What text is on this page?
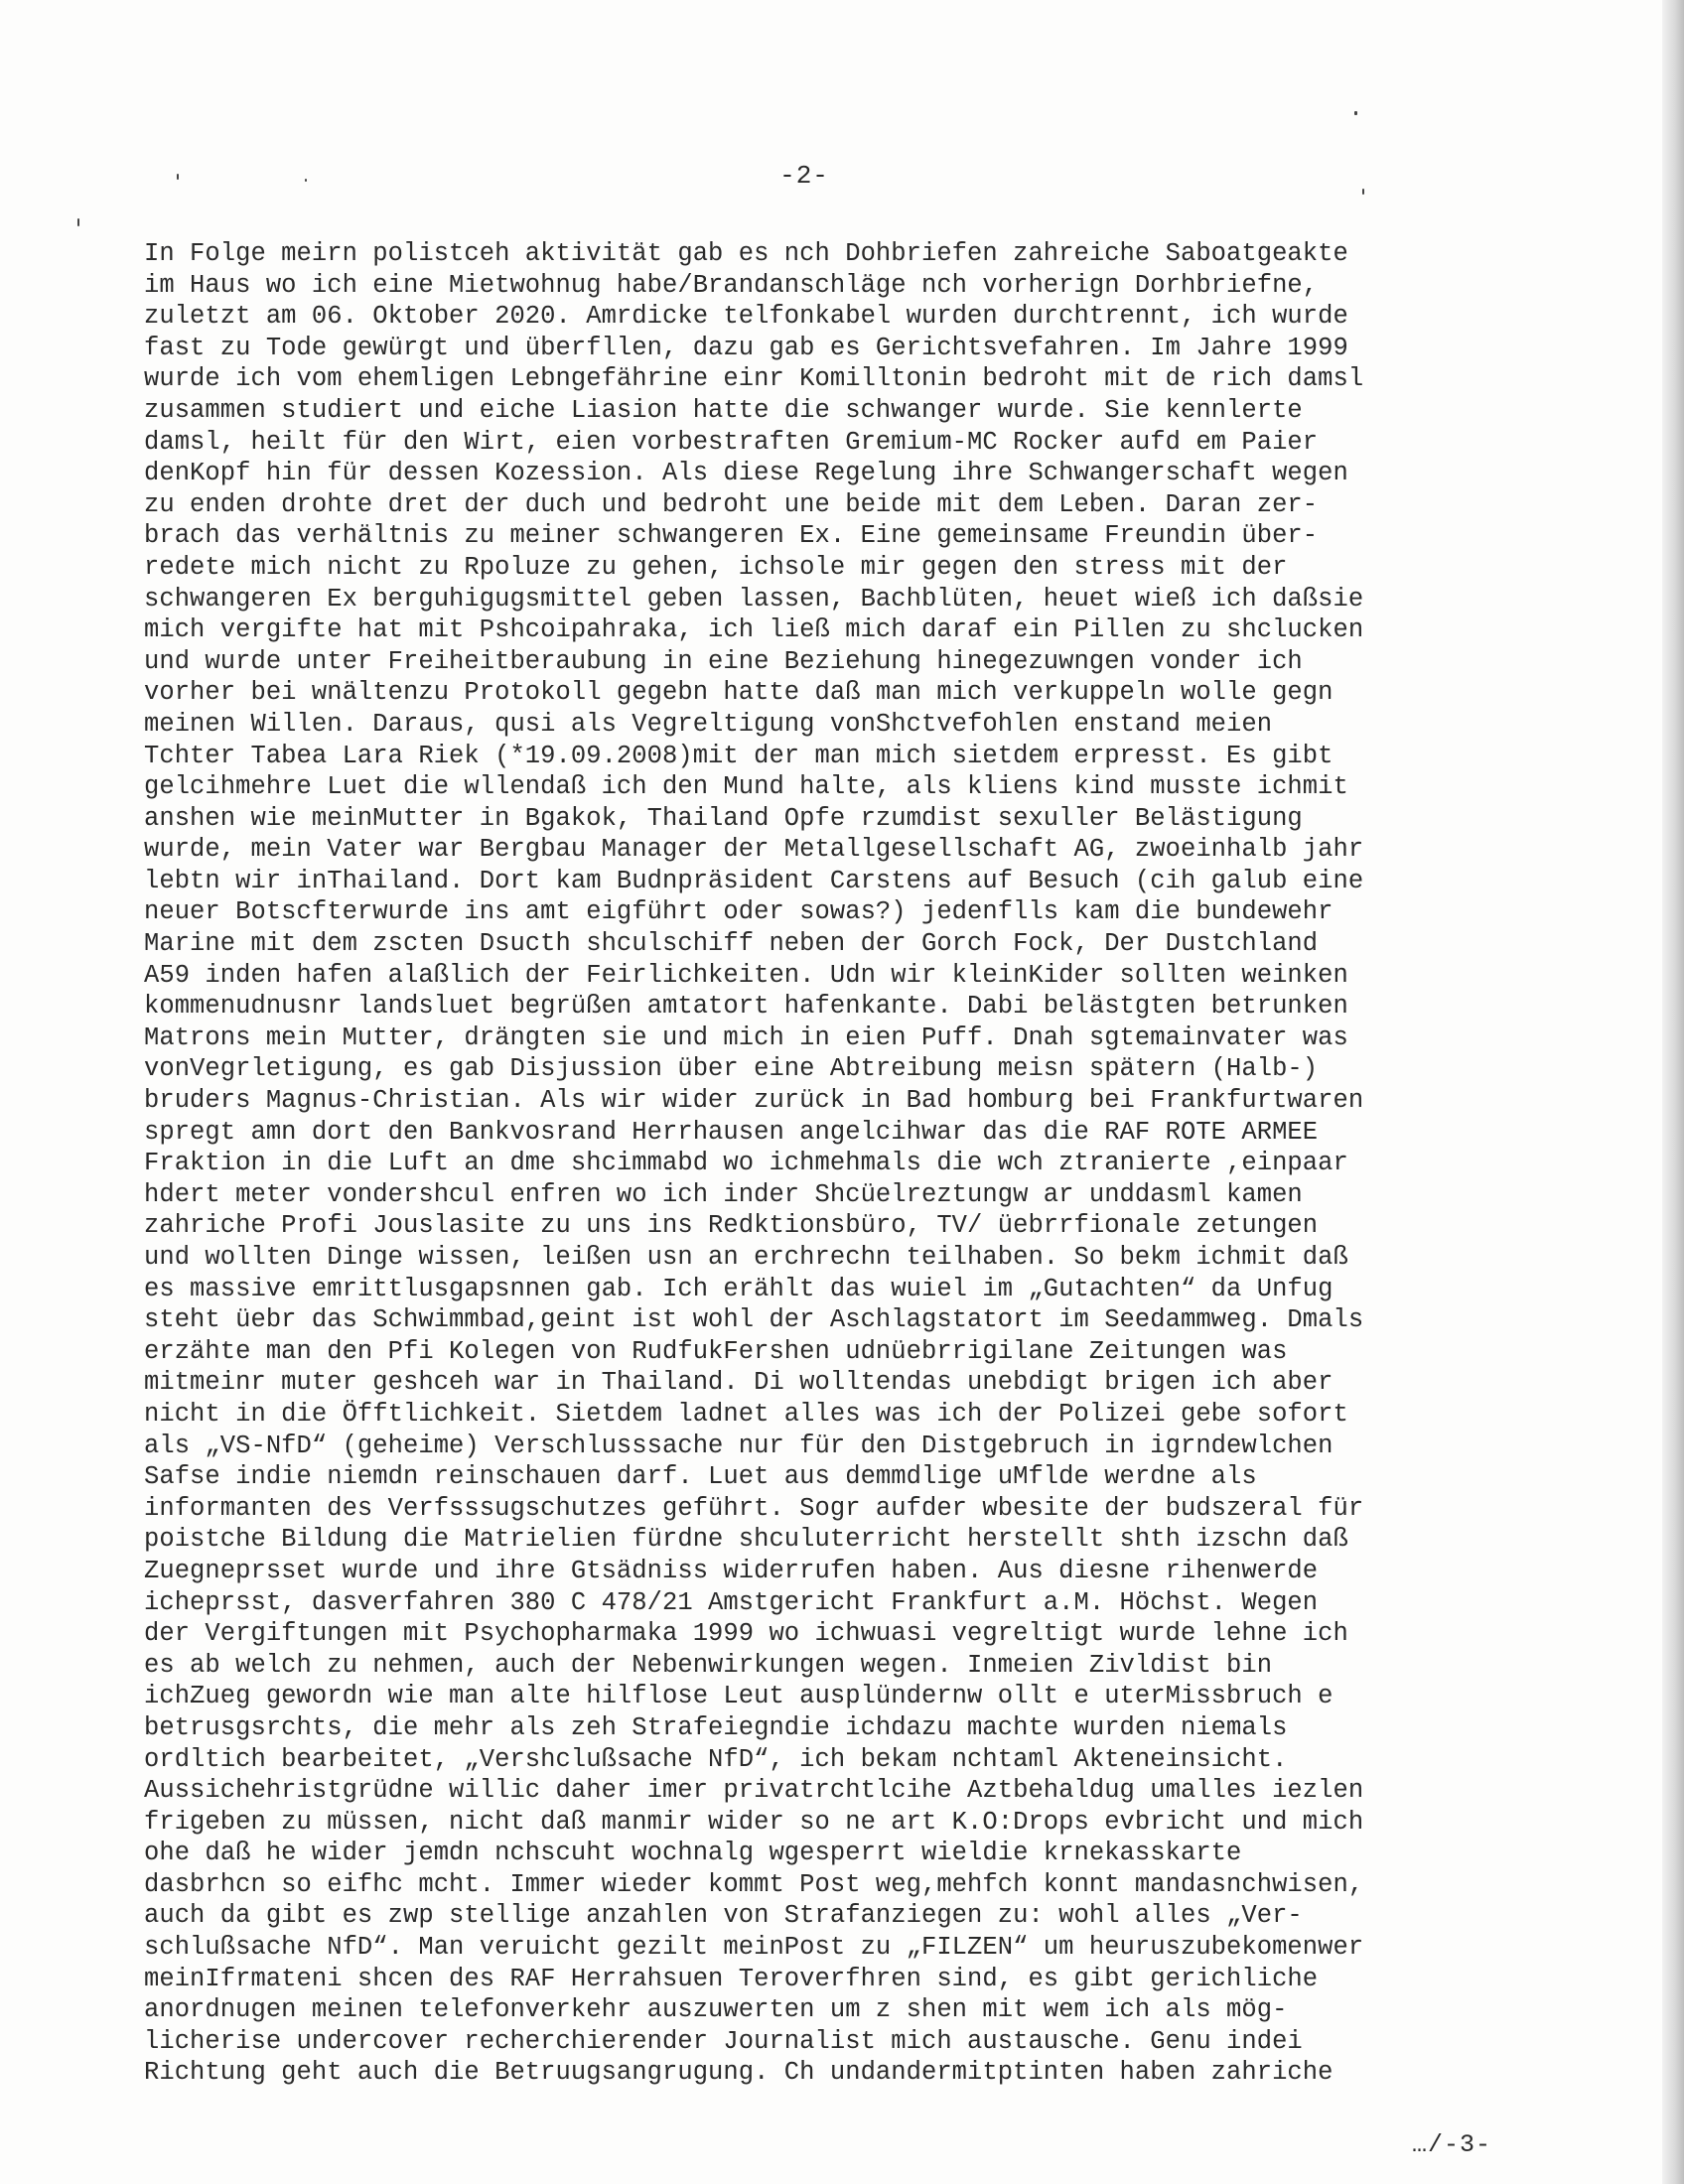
-2-
In Folge meirn polistceh aktivität gab es nch Dohbriefen zahreiche Saboatgeakte
im Haus wo ich eine Mietwohnug habe/Brandanschläge nch vorherign Dorhbriefne,
zuletzt am 06. Oktober 2020. Amrdicke telfonkabel wurden durchtrennt, ich wurde
fast zu Tode gewürgt und überfllen, dazu gab es Gerichtsvefahren. Im Jahre 1999
wurde ich vom ehemligen Lebngefährine einr Komilltonin bedroht mit de rich damsl
zusammen studiert und eiche Liasion hatte die schwanger wurde. Sie kennlerte
damsl, heilt für den Wirt, eien vorbestraften Gremium-MC Rocker aufd em Paier
denKopf hin für dessen Kozession. Als diese Regelung ihre Schwangerschaft wegen
zu enden drohte dret der duch und bedroht une beide mit dem Leben. Daran zer-
brach das verhältnis zu meiner schwangeren Ex. Eine gemeinsame Freundin über-
redete mich nicht zu Rpoluze zu gehen, ichsole mir gegen den stress mit der
schwangeren Ex berguhigugsmittel geben lassen, Bachblüten, heuet wieß ich daßsie
mich vergifte hat mit Pshcoipahraka, ich ließ mich daraf ein Pillen zu shclucken
und wurde unter Freiheitberaubung in eine Beziehung hinegezuwngen vonder ich
vorher bei wnältenzu Protokoll gegebn hatte daß man mich verkuppeln wolle gegn
meinen Willen. Daraus, qusi als Vegreltigung vonShctvefohlen enstand meien
Tchter Tabea Lara Riek (*19.09.2008)mit der man mich sietdem erpresst. Es gibt
gelcihmehre Luet die wllendaß ich den Mund halte, als kliens kind musste ichmit
anshen wie meinMutter in Bgakok, Thailand Opfe rzumdist sexuller Belästigung
wurde, mein Vater war Bergbau Manager der Metallgesellschaft AG, zwoeinhalb jahr
lebtn wir inThailand. Dort kam Budnpräsident Carstens auf Besuch (cih galub eine
neuer Botscfterwurde ins amt eigführt oder sowas?) jedenflls kam die bundewehr
Marine mit dem zscten Dsucth shculschiff neben der Gorch Fock, Der Dustchland
A59 inden hafen alaßlich der Feirlichkeiten. Udn wir kleinKider sollten weinken
kommenudnusnr landsluet begrüßen amtatort hafenkante. Dabi belästgten betrunken
Matrons mein Mutter, drängten sie und mich in eien Puff. Dnah sgtemainvater was
vonVegrletigung, es gab Disjussion über eine Abtreibung meisn spätern (Halb-)
bruders Magnus-Christian. Als wir wider zurück in Bad homburg bei Frankfurtwaren
spregt amn dort den Bankvosrand Herrhausen angelcihwar das die RAF ROTE ARMEE
Fraktion in die Luft an dme shcimmabd wo ichmehmals die wch ztranierte ,einpaar
hdert meter vondershcul enfren wo ich inder Shcüelreztungw ar unddasml kamen
zahriche Profi Jouslasite zu uns ins Redktionsbüro, TV/ üebrrfionale zetungen
und wollten Dinge wissen, leißen usn an erchrechn teilhaben. So bekm ichmit daß
es massive emrittlusgapsnnen gab. Ich erählt das wuiel im „Gutachten“ da Unfug
steht üebr das Schwimmbad,geint ist wohl der Aschlagstatort im Seedammweg. Dmals
erzähte man den Pfi Kolegen von RudfukFershen udnüebrrigilane Zeitungen was
mitmeinr muter geshceh war in Thailand. Di wolltendas unebdigt brigen ich aber
nicht in die Öfftlichkeit. Sietdem ladnet alles was ich der Polizei gebe sofort
als „VS-NfD“ (geheime) Verschlusssache nur für den Distgebruch in igrndewlchen
Safse indie niemdn reinschauen darf. Luet aus demmdlige uMflde werdne als
informanten des Verfsssugschutzes geführt. Sogr aufder wbesite der budszeral für
poistche Bildung die Matrielien fürdne shculuterricht herstellt shth izschn daß
Zuegneprsset wurde und ihre Gtsädniss widerrufen haben. Aus diesne rihenwerde
icheprsst, dasverfahren 380 C 478/21 Amstgericht Frankfurt a.M. Höchst. Wegen
der Vergiftungen mit Psychopharmaka 1999 wo ichwuasi vegreltigt wurde lehne ich
es ab welch zu nehmen, auch der Nebenwirkungen wegen. Inmeien Zivldist bin
ichZueg gewordn wie man alte hilflose Leut ausplündernw ollt e uterMissbruch e
betrusgsrchts, die mehr als zeh Strafeiegndie ichdazu machte wurden niemals
ordltich bearbeitet, „Vershclußsache NfD“, ich bekam nchtaml Akteneinsicht.
Aussichehristgrüdne willic daher imer privatrchtlcihe Aztbehaldug umalles iezlen
frigeben zu müssen, nicht daß manmir wider so ne art K.O:Drops evbricht und mich
ohe daß he wider jemdn nchscuht wochnalg wgesperrt wieldie krnekasskarte
dasbrhcn so eifhc mcht. Immer wieder kommt Post weg,mehfch konnt mandasnchwisen,
auch da gibt es zwp stellige anzahlen von Strafanziegen zu: wohl alles „Ver-
schlußsache NfD“. Man veruicht gezilt meinPost zu „FILZEN“ um heuruszubekomenwer
meinIfrmateni shcen des RAF Herrahsuen Teroverfhren sind, es gibt gerichliche
anordnugen meinen telefonverkehr auszuwerten um z shen mit wem ich als mög-
licherise undercover recherchierender Journalist mich austausche. Genu indei
Richtung geht auch die Betruugsangrugung. Ch undandermitptinten haben zahriche
…/-3-
